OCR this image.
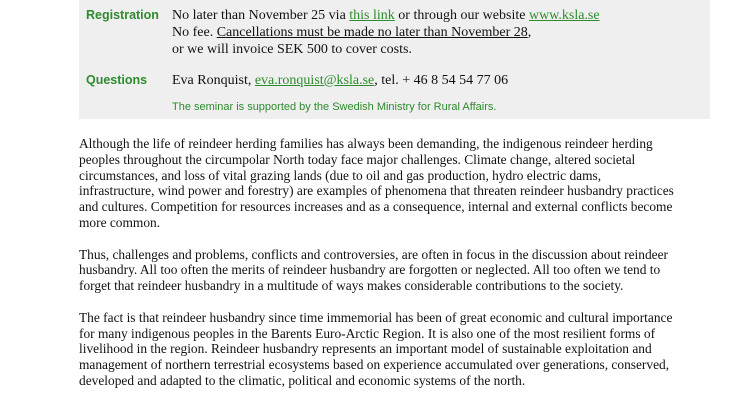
Registration No later than November 25 via this link or through our website www.ksla.se
No fee. Cancellations must be made no later than November 28,
or we will invoice SEK 500 to cover costs.
Questions Eva Ronquist, eva.ronquist@ksla.se, tel. + 46 8 54 54 77 06
The seminar is supported by the Swedish Ministry for Rural Affairs.

Although the life of reindeer herding families has always been demanding, the indigenous reindeer herding peoples throughout the circumpolar North today face major challenges. Climate change, altered societal circumstances, and loss of vital grazing lands (due to oil and gas production, hydro electric dams, infrastructure, wind power and forestry) are examples of phenomena that threaten reindeer husbandry practices and cultures. Competition for resources increases and as a consequence, internal and external conflicts become more common.

Thus, challenges and problems, conflicts and controversies, are often in focus in the discussion about reindeer husbandry. All too often the merits of reindeer husbandry are forgotten or neglected. All too often we tend to forget that reindeer husbandry in a multitude of ways makes considerable contributions to the society.

The fact is that reindeer husbandry since time immemorial has been of great economic and cultural importance for many indigenous peoples in the Barents Euro-Arctic Region. It is also one of the most resilient forms of livelihood in the region. Reindeer husbandry represents an important model of sustainable exploitation and management of northern terrestrial ecosystems based on experience accumulated over generations, conserved, developed and adapted to the climatic, political and economic systems of the north.
